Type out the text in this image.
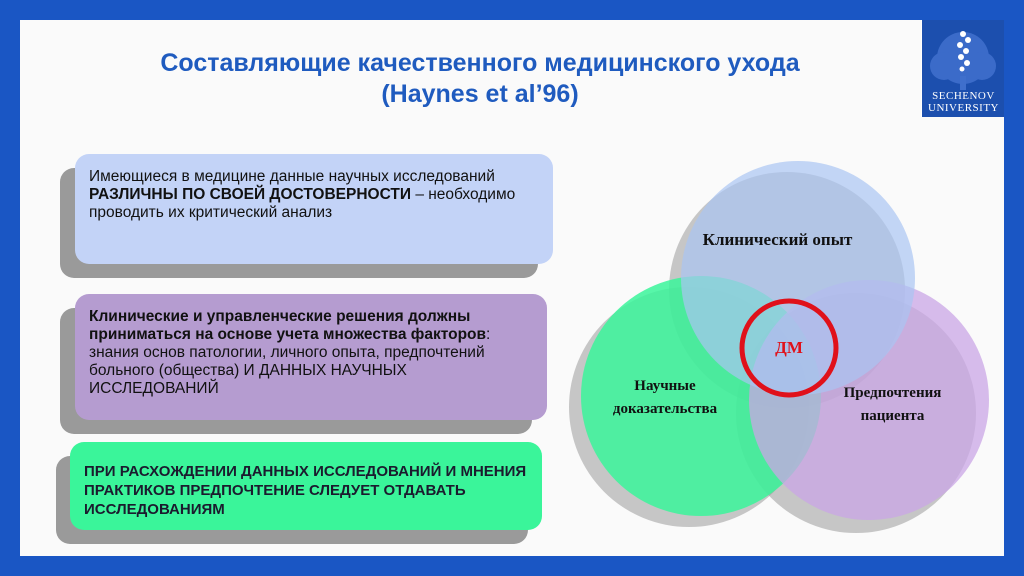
Составляющие качественного медицинского ухода
(Haynes et al’96)	SECHENOV
UNIVERSITY
Имеющиеся в медицине данные научных исследований РАЗЛИЧНЫ ПО СВОЕЙ ДОСТОВЕРНОСТИ – необходимо проводить их критический анализ
Клинические и управленческие решения должны приниматься на основе учета множества факторов: знания основ патологии, личного опыта, предпочтений больного (общества) И ДАННЫХ НАУЧНЫХ ИССЛЕДОВАНИЙ
ПРИ РАСХОЖДЕНИИ ДАННЫХ ИССЛЕДОВАНИЙ И МНЕНИЯ ПРАКТИКОВ ПРЕДПОЧТЕНИЕ СЛЕДУЕТ ОТДАВАТЬ ИССЛЕДОВАНИЯМ
Клинический опыт
Научные
доказательства
Предпочтения
пациента
ДМ
